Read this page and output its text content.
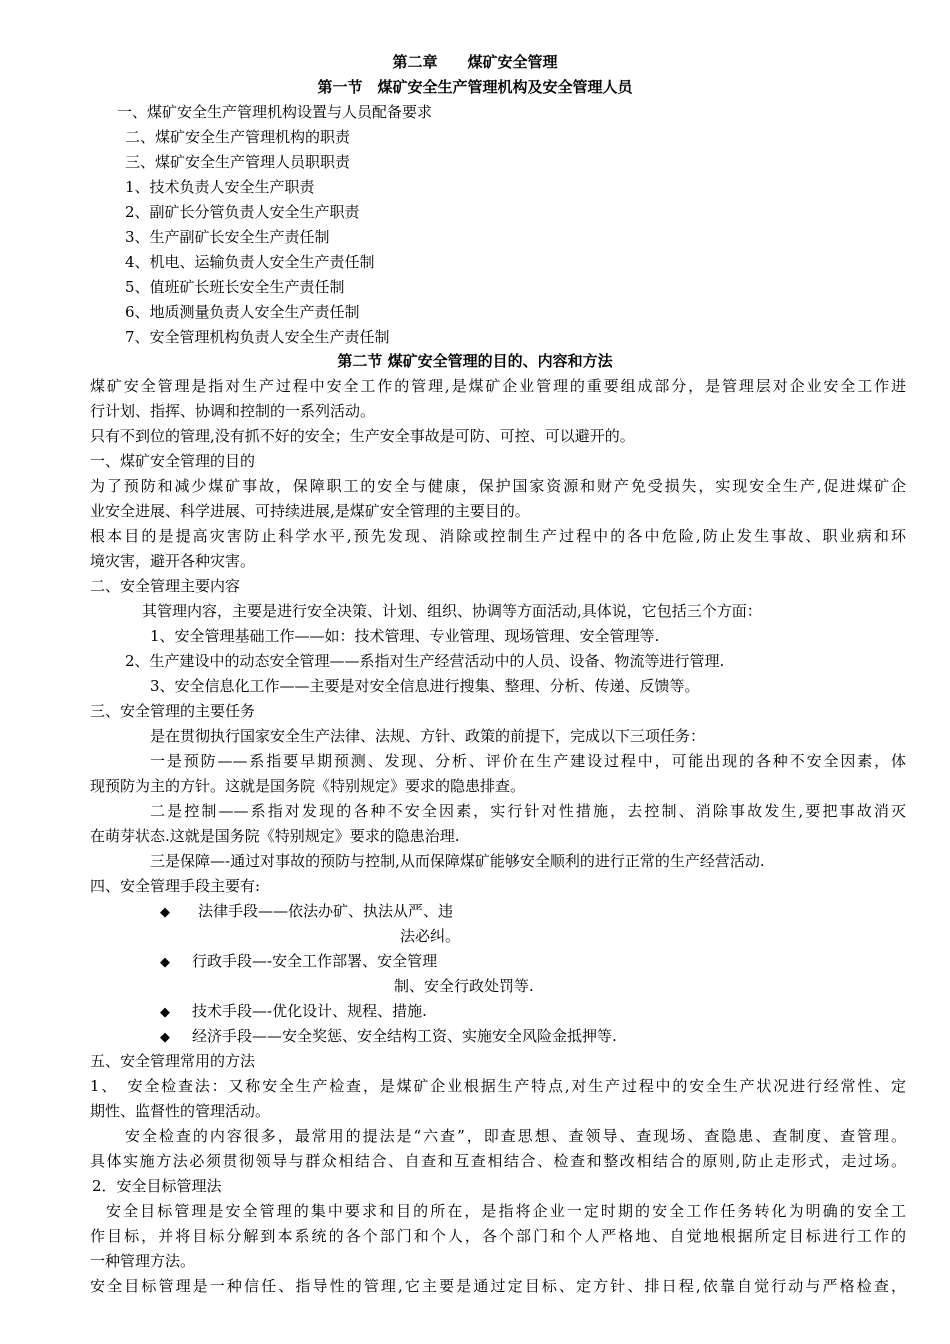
第二章　　煤矿安全管理
第一节　煤矿安全生产管理机构及安全管理人员
一、煤矿安全生产管理机构设置与人员配备要求
二、煤矿安全生产管理机构的职责
三、煤矿安全生产管理人员职职责
1、技术负责人安全生产职责
2、副矿长分管负责人安全生产职责
3、生产副矿长安全生产责任制
4、机电、运输负责人安全生产责任制
5、值班矿长班长安全生产责任制
6、地质测量负责人安全生产责任制
7、安全管理机构负责人安全生产责任制
第二节 煤矿安全管理的目的、内容和方法
煤矿安全管理是指对生产过程中安全工作的管理,是煤矿企业管理的重要组成部分，是管理层对企业安全工作进
行计划、指挥、协调和控制的一系列活动。
只有不到位的管理,没有抓不好的安全；生产安全事故是可防、可控、可以避开的。
一、煤矿安全管理的目的
为了预防和减少煤矿事故，保障职工的安全与健康，保护国家资源和财产免受损失，实现安全生产,促进煤矿企
业安全进展、科学进展、可持续进展,是煤矿安全管理的主要目的。
根本目的是提高灾害防止科学水平,预先发现、消除或控制生产过程中的各中危险,防止发生事故、职业病和环
境灾害，避开各种灾害。
二、安全管理主要内容
其管理内容，主要是进行安全决策、计划、组织、协调等方面活动,具体说，它包括三个方面：
1、安全管理基础工作——如：技术管理、专业管理、现场管理、安全管理等.
2、生产建设中的动态安全管理——系指对生产经营活动中的人员、设备、物流等进行管理.
3、安全信息化工作——主要是对安全信息进行搜集、整理、分析、传递、反馈等。
三、安全管理的主要任务
是在贯彻执行国家安全生产法律、法规、方针、政策的前提下，完成以下三项任务：
一是预防——系指要早期预测、发现、分析、评价在生产建设过程中，可能出现的各种不安全因素，体
现预防为主的方针。这就是国务院《特别规定》要求的隐患排查。
二是控制——系指对发现的各种不安全因素，实行针对性措施，去控制、消除事故发生,要把事故消灭
在萌芽状态.这就是国务院《特别规定》要求的隐患治理.
三是保障—-通过对事故的预防与控制,从而保障煤矿能够安全顺利的进行正常的生产经营活动.
四、安全管理手段主要有:
◆ 法律手段——依法办矿、执法从严、违
法必纠。
◆ 行政手段—-安全工作部署、安全管理
制、安全行政处罚等.
◆ 技术手段—-优化设计、规程、措施.
◆ 经济手段——安全奖惩、安全结构工资、实施安全风险金抵押等.
五、安全管理常用的方法
1、　安全检查法：又称安全生产检查，是煤矿企业根据生产特点,对生产过程中的安全生产状况进行经常性、定
期性、监督性的管理活动。
安全检查的内容很多，最常用的提法是“六查”，即查思想、查领导、查现场、查隐患、查制度、查管理。
具体实施方法必须贯彻领导与群众相结合、自查和互查相结合、检查和整改相结合的原则,防止走形式，走过场。
2．安全目标管理法
安全目标管理是安全管理的集中要求和目的所在，是指将企业一定时期的安全工作任务转化为明确的安全工
作目标，并将目标分解到本系统的各个部门和个人，各个部门和个人严格地、自觉地根据所定目标进行工作的
一种管理方法。
安全目标管理是一种信任、指导性的管理,它主要是通过定目标、定方针、排日程,依靠自觉行动与严格检查，
